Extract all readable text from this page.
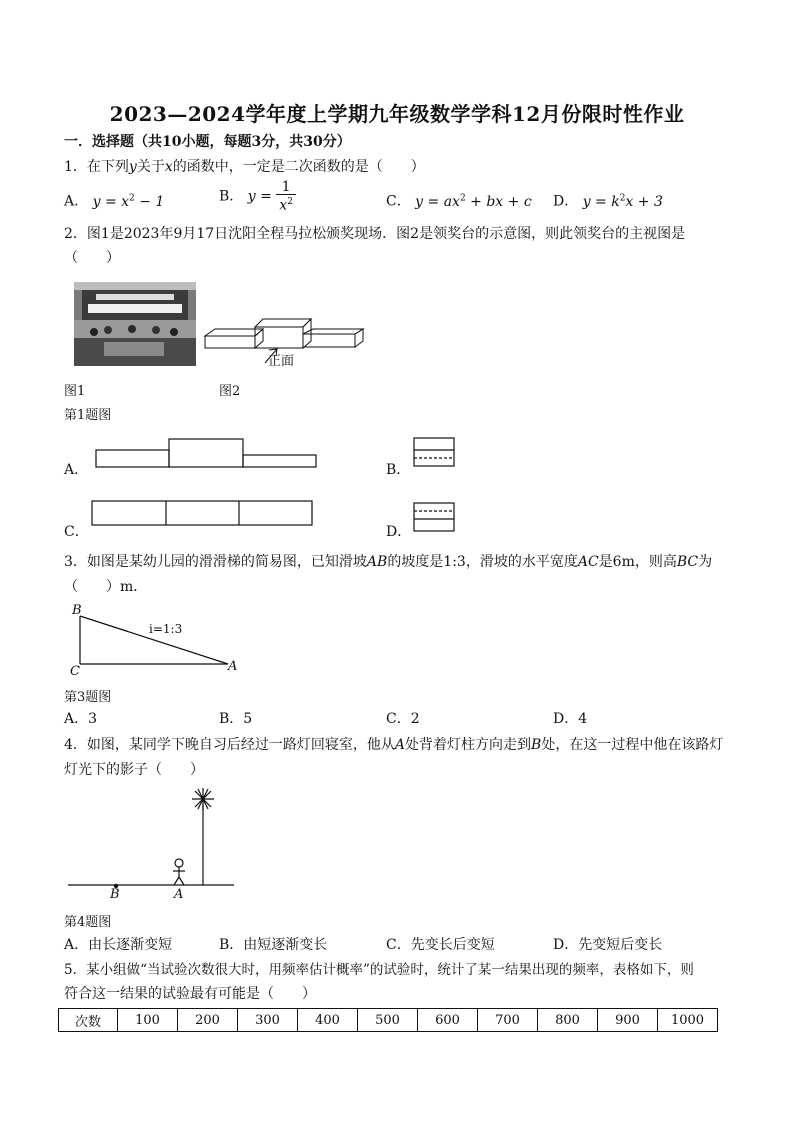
2023—2024学年度上学期九年级数学学科12月份限时性作业
一．选择题（共10小题，每题3分，共30分）
1．在下列y关于x的函数中，一定是二次函数的是（　　）
A． $y = x^2 - 1$	B． $y = \frac{1}{x^2}$	C． $y = ax^2$ + bx + c D． $y = k^2x + 3$
2．图1是2023年9月17日沈阳全程马拉松颁奖现场．图2是领奖台的示意图，则此领奖台的主视图是
（　　）
正面
图1	图2
第1题图
A．	B．
C．	D．
3．如图是某幼儿园的滑滑梯的简易图，已知滑坡AB的坡度是1:3，滑坡的水平宽度AC是6m，则高BC为
（　　）m．
B
C	A
i=1:3
第3题图
A．3	B．5	C．2	D．4
4．如图，某同学下晚自习后经过一路灯回寝室，他从A处背着灯柱方向走到B处，在这一过程中他在该路灯
灯光下的影子（　　）
B	A
第4题图
A．由长逐渐变短	B．由短逐渐变长	C．先变长后变短	D．先变短后变长
5．某小组做“当试验次数很大时，用频率估计概率”的试验时，统计了某一结果出现的频率，表格如下，则
符合这一结果的试验最有可能是（　　）
次数	100	200	300	400	500	600	700	800	900	1000
